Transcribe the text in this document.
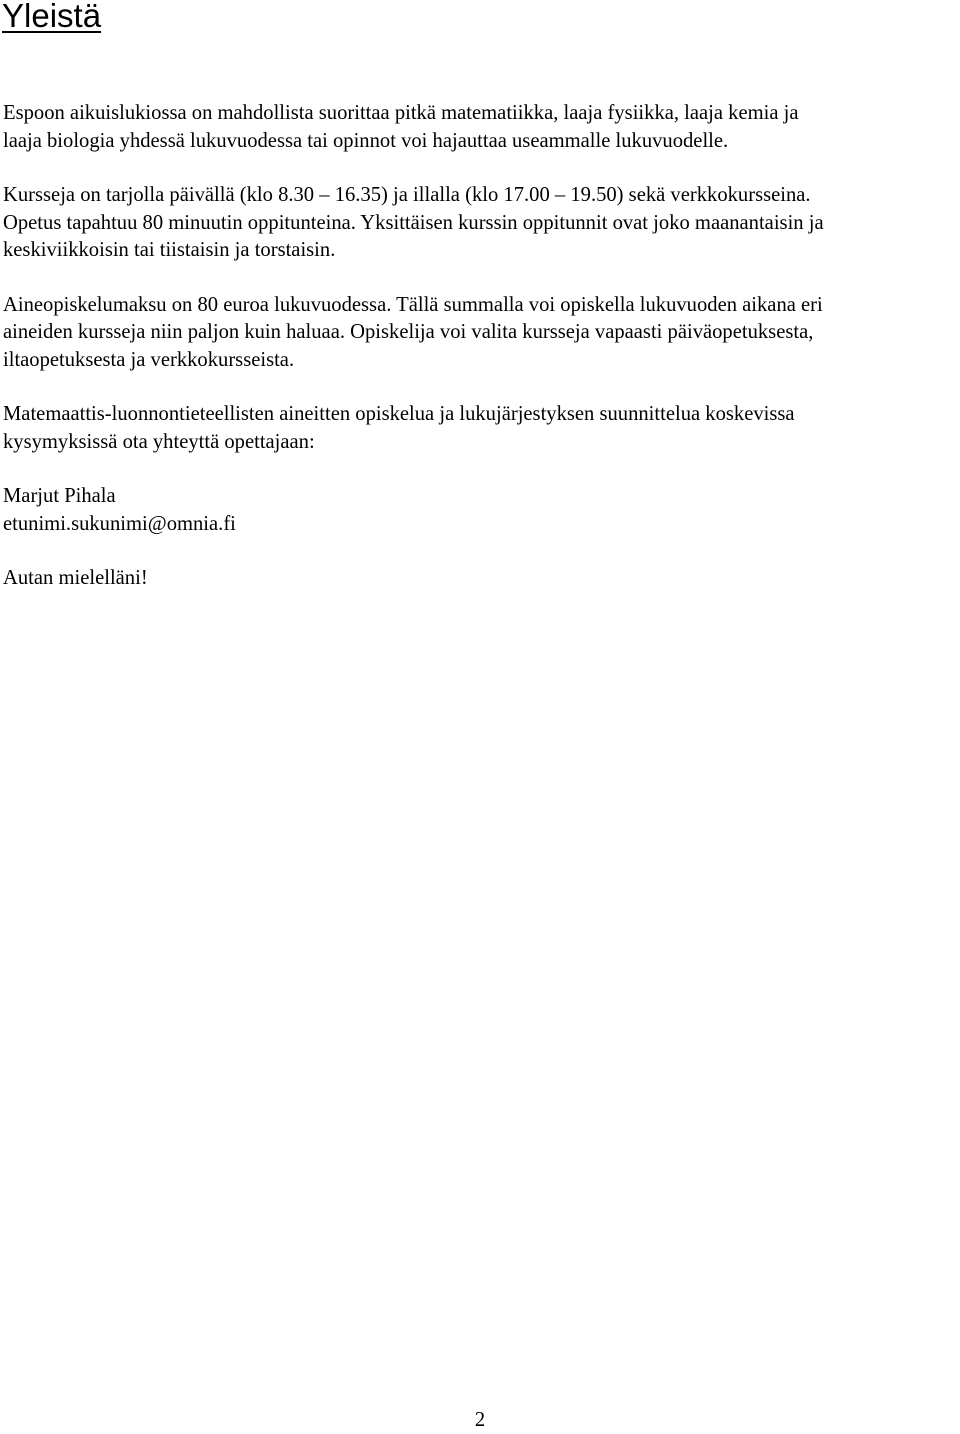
Yleistä

Espoon aikuislukiossa on mahdollista suorittaa pitkä matematiikka, laaja fysiikka, laaja kemia ja
laaja biologia yhdessä lukuvuodessa tai opinnot voi hajauttaa useammalle lukuvuodelle.

Kursseja on tarjolla päivällä (klo 8.30 – 16.35) ja illalla (klo 17.00 – 19.50) sekä verkkokursseina.
Opetus tapahtuu 80 minuutin oppitunteina. Yksittäisen kurssin oppitunnit ovat joko maanantaisin ja
keskiviikkoisin tai tiistaisin ja torstaisin.

Aineopiskelumaksu on 80 euroa lukuvuodessa. Tällä summalla voi opiskella lukuvuoden aikana eri
aineiden kursseja niin paljon kuin haluaa. Opiskelija voi valita kursseja vapaasti päiväopetuksesta,
iltaopetuksesta ja verkkokursseista.

Matemaattis-luonnontieteellisten aineitten opiskelua ja lukujärjestyksen suunnittelua koskevissa
kysymyksissä ota yhteyttä opettajaan:

Marjut Pihala
etunimi.sukunimi@omnia.fi

Autan mielelläni!

2
